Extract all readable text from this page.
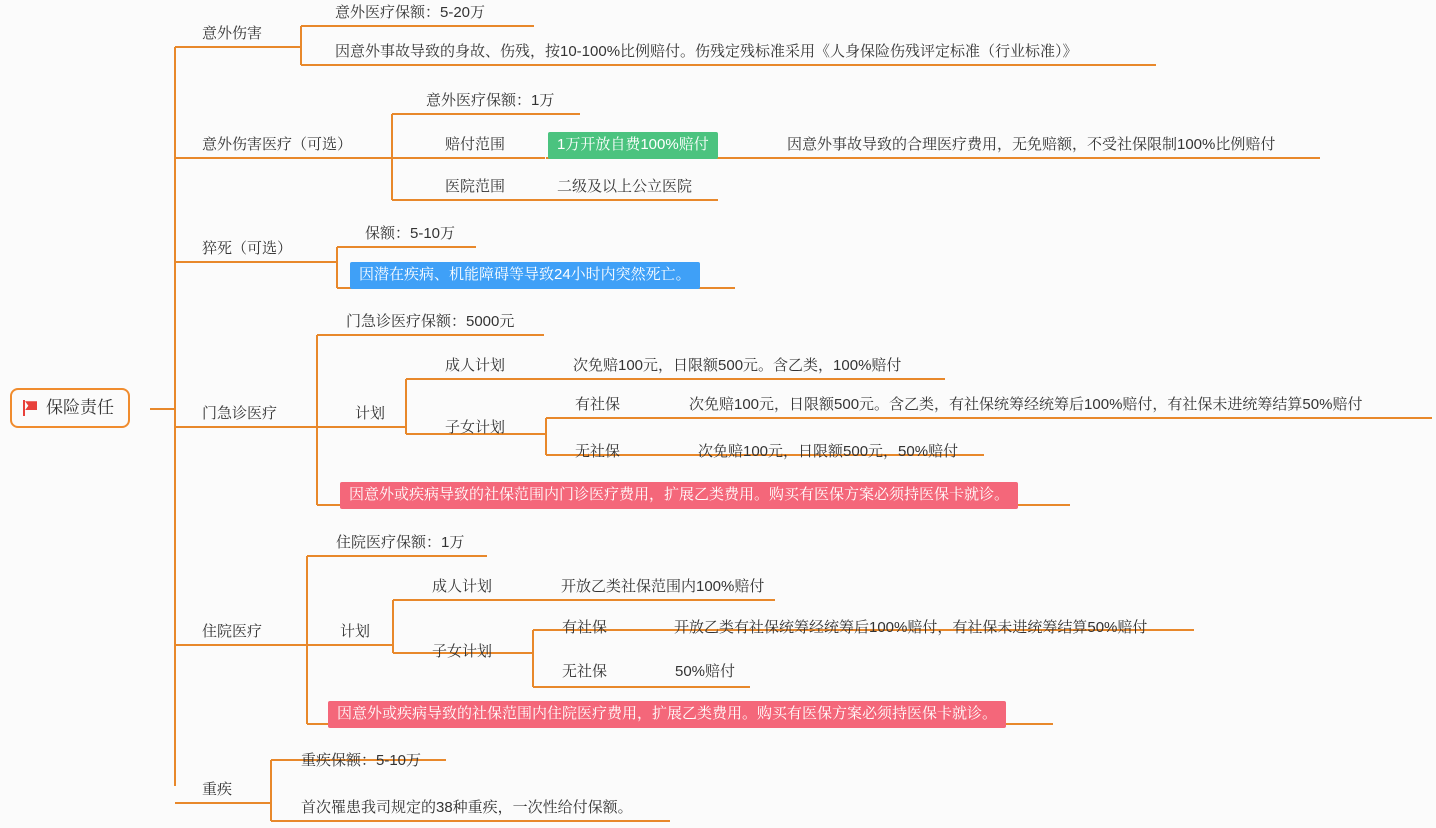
保险责任
意外伤害
意外医疗保额：5-20万
因意外事故导致的身故、伤残，按10-100%比例赔付。伤残定残标准采用《人身保险伤残评定标准（行业标准）》
意外伤害医疗（可选）
意外医疗保额：1万
赔付范围	1万开放自费100%赔付	因意外事故导致的合理医疗费用，无免赔额，不受社保限制100%比例赔付
医院范围	二级及以上公立医院
猝死（可选）
保额：5-10万
因潜在疾病、机能障碍等导致24小时内突然死亡。
门急诊医疗
门急诊医疗保额：5000元
计划
成人计划	次免赔100元，日限额500元。含乙类，100%赔付
子女计划
有社保	次免赔100元，日限额500元。含乙类，有社保统筹经统筹后100%赔付，有社保未进统筹结算50%赔付
无社保	次免赔100元，日限额500元，50%赔付
因意外或疾病导致的社保范围内门诊医疗费用，扩展乙类费用。购买有医保方案必须持医保卡就诊。
住院医疗
住院医疗保额：1万
计划
成人计划	开放乙类社保范围内100%赔付
子女计划
有社保	开放乙类有社保统筹经统筹后100%赔付，有社保未进统筹结算50%赔付
无社保	50%赔付
因意外或疾病导致的社保范围内住院医疗费用，扩展乙类费用。购买有医保方案必须持医保卡就诊。
重疾
重疾保额：5-10万
首次罹患我司规定的38种重疾，一次性给付保额。
